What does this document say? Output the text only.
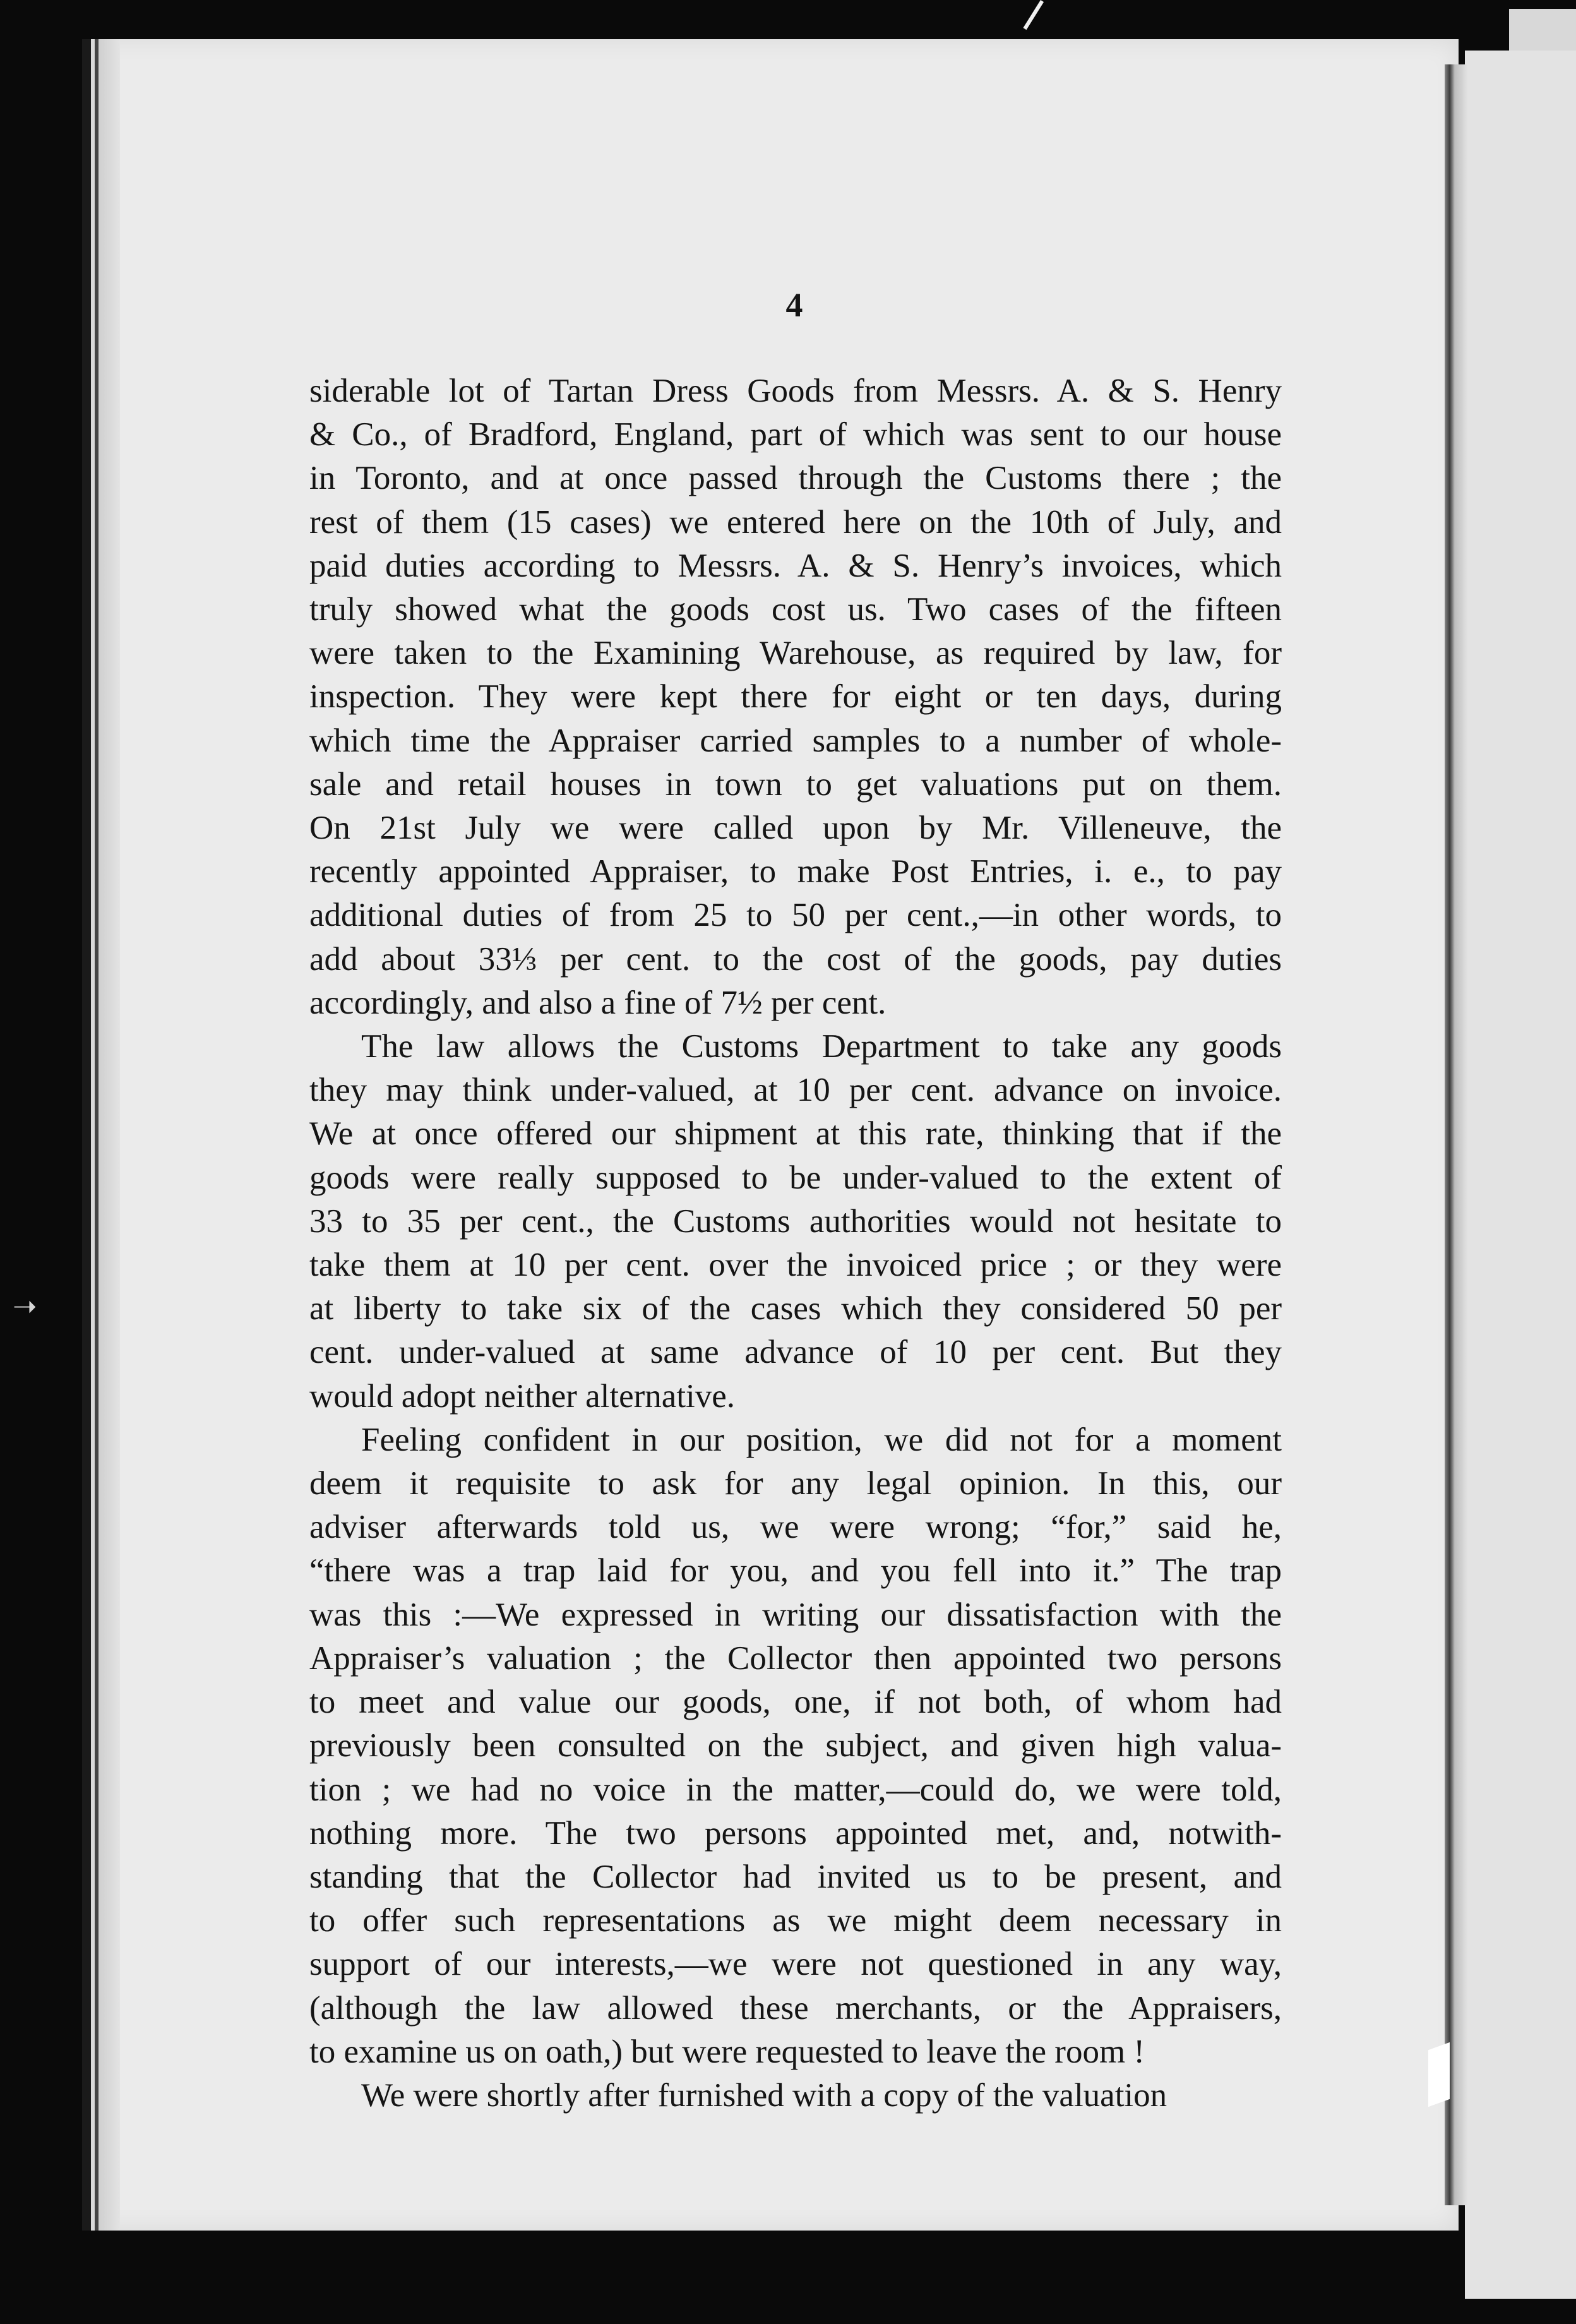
➝
4

siderable lot of Tartan Dress Goods from Messrs. A. & S. Henry
& Co., of Bradford, England, part of which was sent to our house
in Toronto, and at once passed through the Customs there ; the
rest of them (15 cases) we entered here on the 10th of July, and
paid duties according to Messrs. A. & S. Henry’s invoices, which
truly showed what the goods cost us. Two cases of the fifteen
were taken to the Examining Warehouse, as required by law, for
inspection. They were kept there for eight or ten days, during
which time the Appraiser carried samples to a number of whole-
sale and retail houses in town to get valuations put on them.
On 21st July we were called upon by Mr. Villeneuve, the
recently appointed Appraiser, to make Post Entries, i. e., to pay
additional duties of from 25 to 50 per cent.,—in other words, to
add about 33⅓ per cent. to the cost of the goods, pay duties
accordingly, and also a fine of 7½ per cent.

The law allows the Customs Department to take any goods
they may think under-valued, at 10 per cent. advance on invoice.
We at once offered our shipment at this rate, thinking that if the
goods were really supposed to be under-valued to the extent of
33 to 35 per cent., the Customs authorities would not hesitate to
take them at 10 per cent. over the invoiced price ; or they were
at liberty to take six of the cases which they considered 50 per
cent. under-valued at same advance of 10 per cent. But they
would adopt neither alternative.

Feeling confident in our position, we did not for a moment
deem it requisite to ask for any legal opinion. In this, our
adviser afterwards told us, we were wrong; “for,” said he,
“there was a trap laid for you, and you fell into it.” The trap
was this :—We expressed in writing our dissatisfaction with the
Appraiser’s valuation ; the Collector then appointed two persons
to meet and value our goods, one, if not both, of whom had
previously been consulted on the subject, and given high valua-
tion ; we had no voice in the matter,—could do, we were told,
nothing more. The two persons appointed met, and, notwith-
standing that the Collector had invited us to be present, and
to offer such representations as we might deem necessary in
support of our interests,—we were not questioned in any way,
(although the law allowed these merchants, or the Appraisers,
to examine us on oath,) but were requested to leave the room !

We were shortly after furnished with a copy of the valuation
